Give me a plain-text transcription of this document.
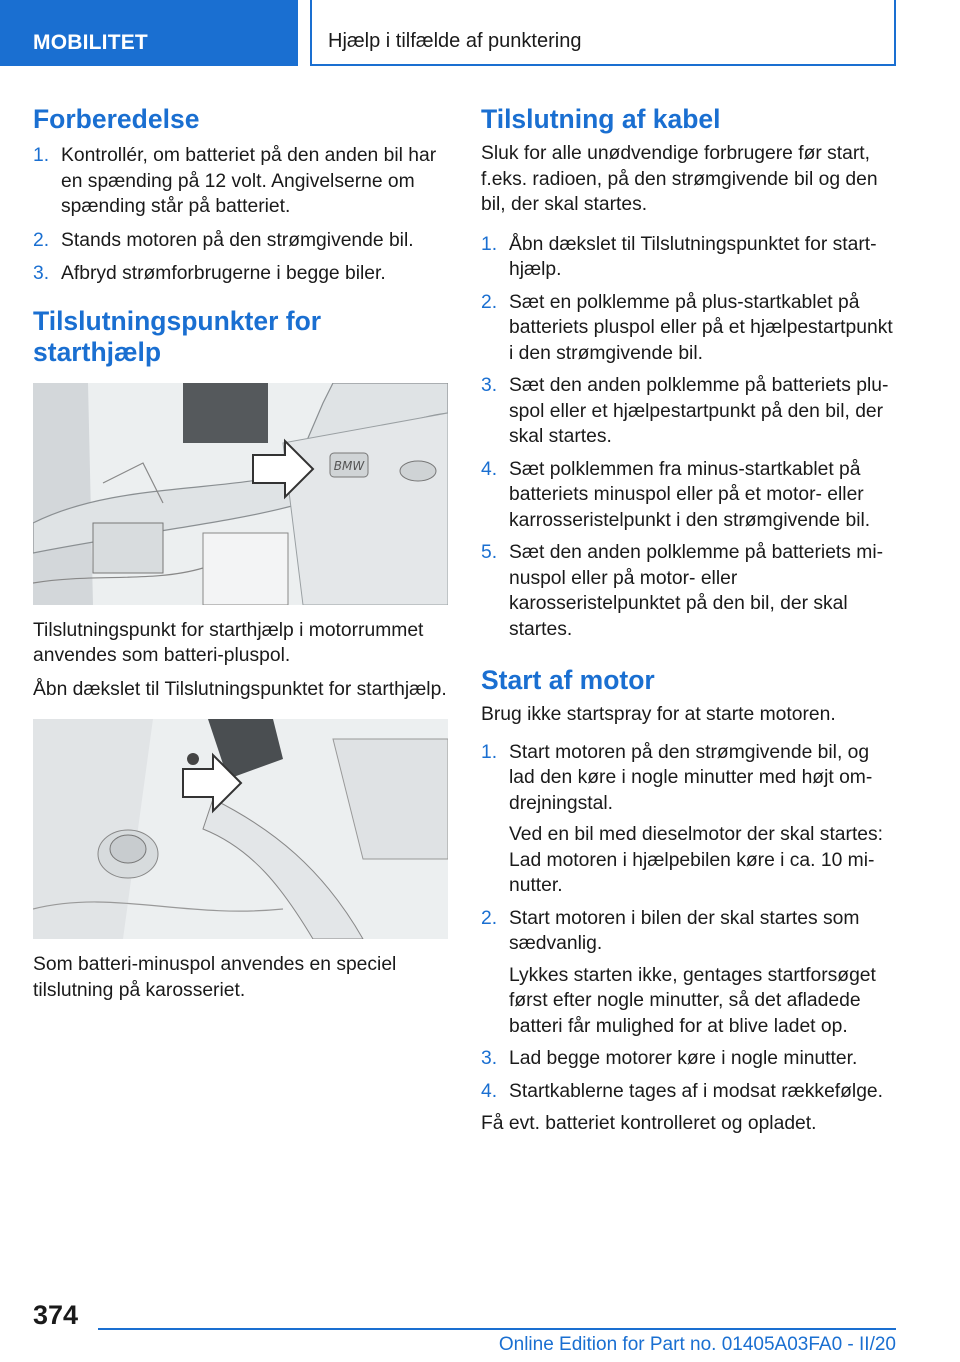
MOBILITET	Hjælp i tilfælde af punktering
Forberedelse
1. Kontrollér, om batteriet på den anden bil har en spænding på 12 volt. Angivelserne om spænding står på batteriet.
2. Stands motoren på den strømgivende bil.
3. Afbryd strømforbrugerne i begge biler.
Tilslutningspunkter for starthjælp
BMW

Tilslutningspunkt for starthjælp i motorrummet anvendes som batteri-pluspol.

Åbn dækslet til Tilslutningspunktet for starthjælp.

Som batteri-minuspol anvendes en speciel tilslutning på karosseriet.

Tilslutning af kabel

Sluk for alle unødvendige forbrugere før start, f.eks. radioen, på den strømgivende bil og den bil, der skal startes.

1. Åbn dækslet til Tilslutningspunktet for starthjælp.
2. Sæt en polklemme på plus-startkablet på batteriets pluspol eller på et hjælpestartpunkt i den strømgivende bil.
3. Sæt den anden polklemme på batteriets pluspol eller et hjælpestartpunkt på den bil, der skal startes.
4. Sæt polklemmen fra minus-startkablet på batteriets minuspol eller på et motor- eller karrosseristelpunkt i den strømgivende bil.
5. Sæt den anden polklemme på batteriets minuspol eller på motor- eller karosseristelpunktet på den bil, der skal startes.
Start af motor

Brug ikke startspray for at starte motoren.

1. Start motoren på den strømgivende bil, og lad den køre i nogle minutter med højt omdrejningstal.
Ved en bil med dieselmotor der skal startes: Lad motoren i hjælpebilen køre i ca. 10 minutter.
2. Start motoren i bilen der skal startes som sædvanlig.
Lykkes starten ikke, gentages startforsøget først efter nogle minutter, så det afladede batteri får mulighed for at blive ladet op.
3. Lad begge motorer køre i nogle minutter.
4. Startkablerne tages af i modsat rækkefølge.

Få evt. batteriet kontrolleret og opladet.

374
Online Edition for Part no. 01405A03FA0 - II/20
